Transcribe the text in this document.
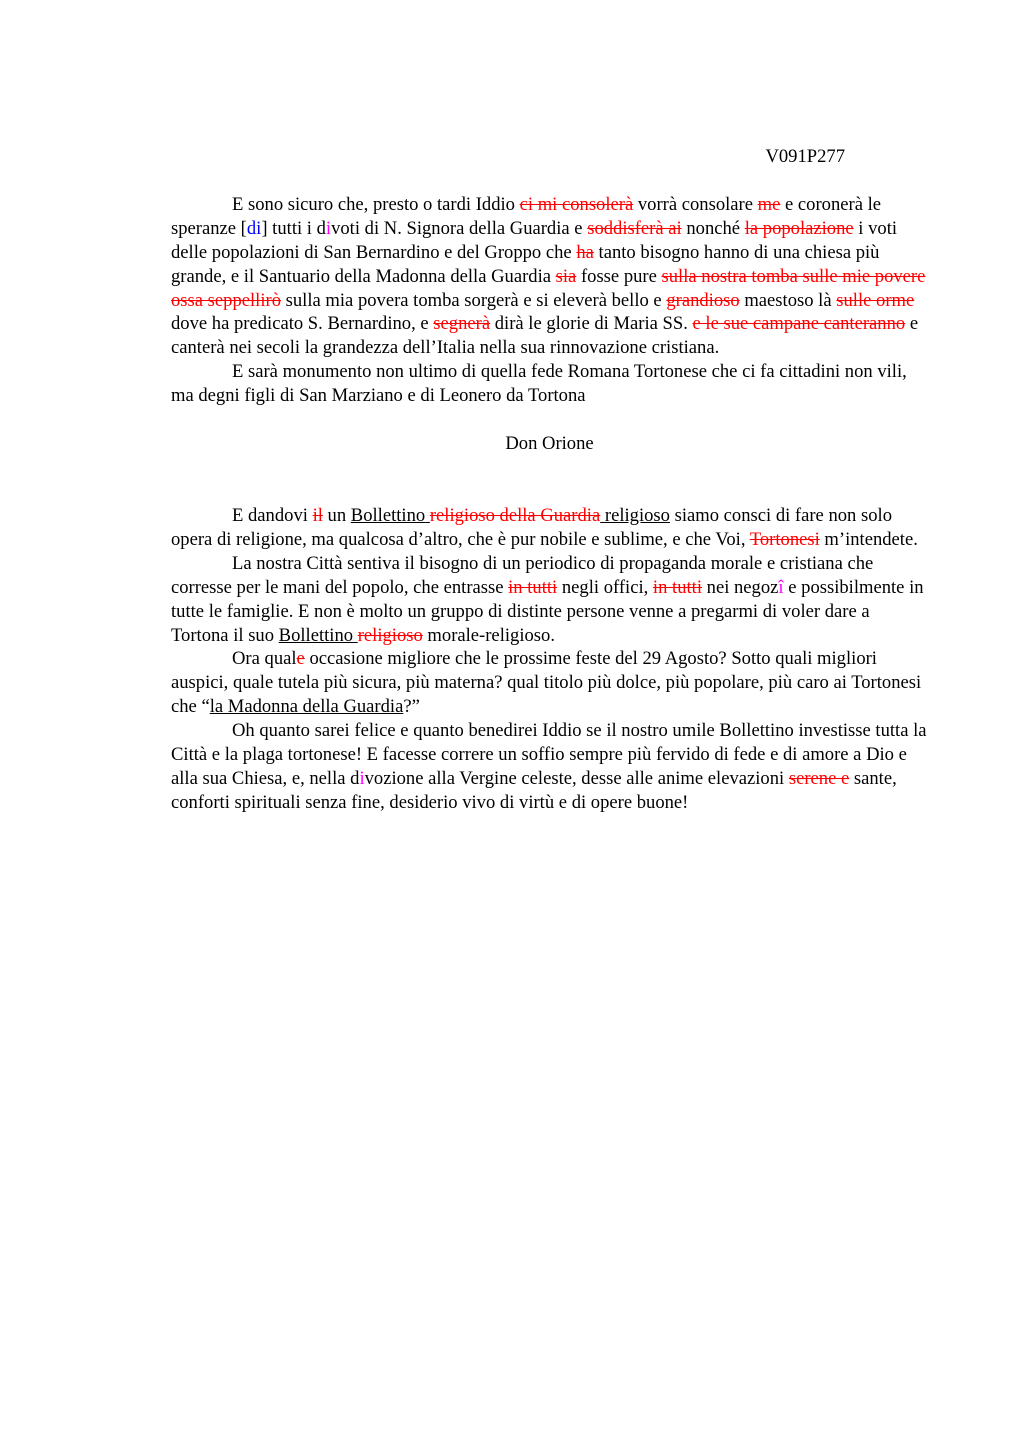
V091P277

E sono sicuro che, presto o tardi Iddio ci mi consolerà vorrà consolare me e coronerà le speranze [di] tutti i divoti di N. Signora della Guardia e soddisferà ai nonché la popolazione i voti delle popolazioni di San Bernardino e del Groppo che ha tanto bisogno hanno di una chiesa più grande, e il Santuario della Madonna della Guardia sia fosse pure sulla nostra tomba sulle mie povere ossa seppellirò sulla mia povera tomba sorgerà e si eleverà bello e grandioso maestoso là sulle orme dove ha predicato S. Bernardino, e segnerà dirà le glorie di Maria SS. e le sue campane canteranno e canterà nei secoli la grandezza dell’Italia nella sua rinnovazione cristiana.

E sarà monumento non ultimo di quella fede Romana Tortonese che ci fa cittadini non vili, ma degni figli di San Marziano e di Leonero da Tortona

Don Orione

E dandovi il un Bollettino religioso della Guardia religioso siamo consci di fare non solo opera di religione, ma qualcosa d’altro, che è pur nobile e sublime, e che Voi, Tortonesi m’intendete.

La nostra Città sentiva il bisogno di un periodico di propaganda morale e cristiana che corresse per le mani del popolo, che entrasse in tutti negli offici, in tutti nei negozî e possibilmente in tutte le famiglie. E non è molto un gruppo di distinte persone venne a pregarmi di voler dare a Tortona il suo Bollettino religioso morale-religioso.

Ora quale occasione migliore che le prossime feste del 29 Agosto? Sotto quali migliori auspici, quale tutela più sicura, più materna? qual titolo più dolce, più popolare, più caro ai Tortonesi che “la Madonna della Guardia?”

Oh quanto sarei felice e quanto benedirei Iddio se il nostro umile Bollettino investisse tutta la Città e la plaga tortonese! E facesse correre un soffio sempre più fervido di fede e di amore a Dio e alla sua Chiesa, e, nella divozione alla Vergine celeste, desse alle anime elevazioni serene e sante, conforti spirituali senza fine, desiderio vivo di virtù e di opere buone!
